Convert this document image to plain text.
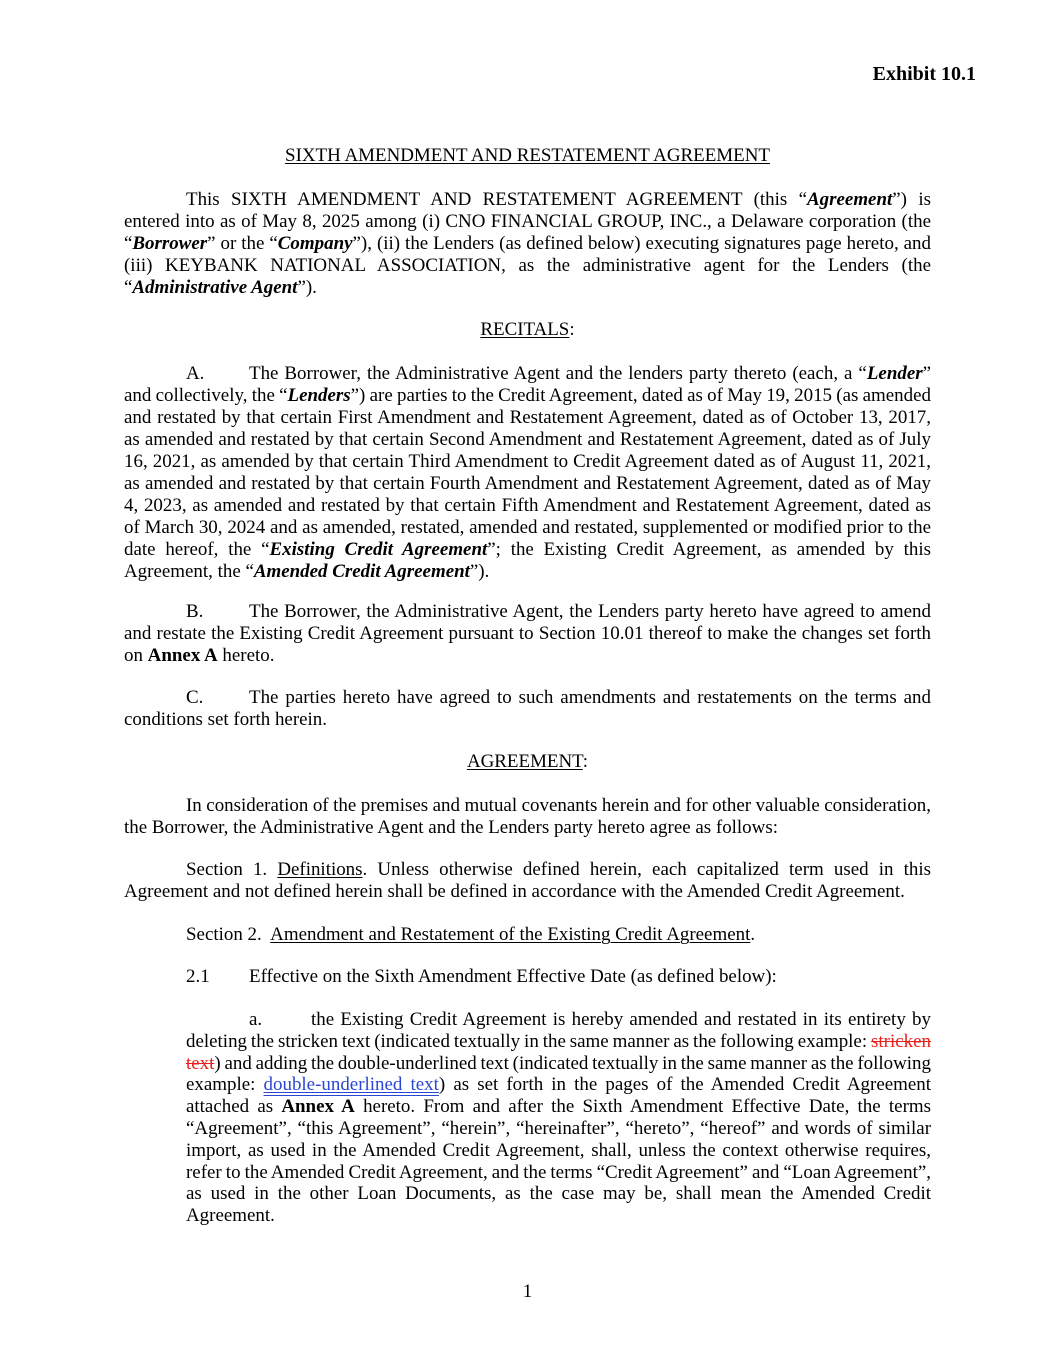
Exhibit 10.1
SIXTH AMENDMENT AND RESTATEMENT AGREEMENT
This SIXTH AMENDMENT AND RESTATEMENT AGREEMENT (this “Agreement”) is
entered into as of May 8, 2025 among (i) CNO FINANCIAL GROUP, INC., a Delaware corporation (the
“Borrower” or the “Company”), (ii) the Lenders (as defined below) executing signatures page hereto, and
(iii) KEYBANK NATIONAL ASSOCIATION, as the administrative agent for the Lenders (the
“Administrative Agent”).
RECITALS:
A. The Borrower, the Administrative Agent and the lenders party thereto (each, a “Lender”
and collectively, the “Lenders”) are parties to the Credit Agreement, dated as of May 19, 2015 (as amended
and restated by that certain First Amendment and Restatement Agreement, dated as of October 13, 2017,
as amended and restated by that certain Second Amendment and Restatement Agreement, dated as of July
16, 2021, as amended by that certain Third Amendment to Credit Agreement dated as of August 11, 2021,
as amended and restated by that certain Fourth Amendment and Restatement Agreement, dated as of May
4, 2023, as amended and restated by that certain Fifth Amendment and Restatement Agreement, dated as
of March 30, 2024 and as amended, restated, amended and restated, supplemented or modified prior to the
date hereof, the “Existing Credit Agreement”; the Existing Credit Agreement, as amended by this
Agreement, the “Amended Credit Agreement”).
B. The Borrower, the Administrative Agent, the Lenders party hereto have agreed to amend
and restate the Existing Credit Agreement pursuant to Section 10.01 thereof to make the changes set forth
on Annex A hereto.
C. The parties hereto have agreed to such amendments and restatements on the terms and
conditions set forth herein.
AGREEMENT:
In consideration of the premises and mutual covenants herein and for other valuable consideration,
the Borrower, the Administrative Agent and the Lenders party hereto agree as follows:
Section 1. Definitions. Unless otherwise defined herein, each capitalized term used in this
Agreement and not defined herein shall be defined in accordance with the Amended Credit Agreement.
Section 2.  Amendment and Restatement of the Existing Credit Agreement.
2.1 Effective on the Sixth Amendment Effective Date (as defined below):
a.	the Existing Credit Agreement is hereby amended and restated in its entirety by
deleting the stricken text (indicated textually in the same manner as the following example: stricken
text) and adding the double-underlined text (indicated textually in the same manner as the following
example: double-underlined text) as set forth in the pages of the Amended Credit Agreement
attached as Annex A hereto. From and after the Sixth Amendment Effective Date, the terms
“Agreement”, “this Agreement”, “herein”, “hereinafter”, “hereto”, “hereof” and words of similar
import, as used in the Amended Credit Agreement, shall, unless the context otherwise requires,
refer to the Amended Credit Agreement, and the terms “Credit Agreement” and “Loan Agreement”,
as used in the other Loan Documents, as the case may be, shall mean the Amended Credit
Agreement.
1
